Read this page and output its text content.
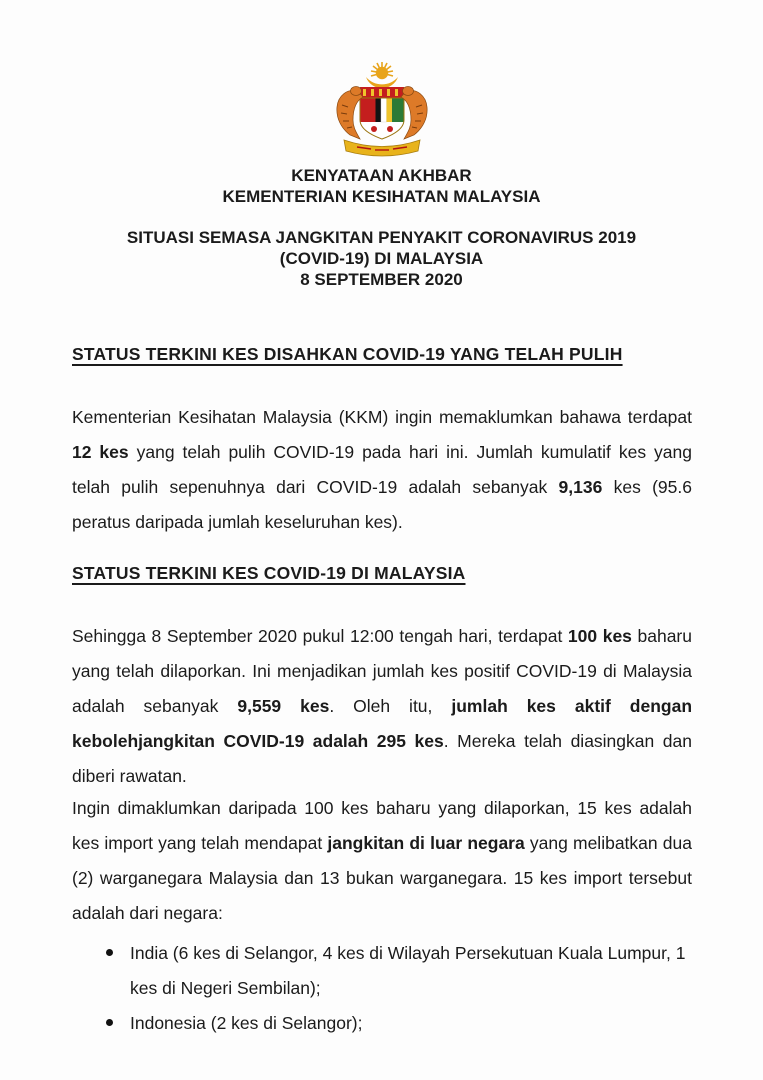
KENYATAAN AKHBAR
KEMENTERIAN KESIHATAN MALAYSIA
SITUASI SEMASA JANGKITAN PENYAKIT CORONAVIRUS 2019
(COVID-19) DI MALAYSIA
8 SEPTEMBER 2020
STATUS TERKINI KES DISAHKAN COVID-19 YANG TELAH PULIH
Kementerian Kesihatan Malaysia (KKM) ingin memaklumkan bahawa terdapat 12 kes yang telah pulih COVID-19 pada hari ini. Jumlah kumulatif kes yang telah pulih sepenuhnya dari COVID-19 adalah sebanyak 9,136 kes (95.6 peratus daripada jumlah keseluruhan kes).
STATUS TERKINI KES COVID-19 DI MALAYSIA
Sehingga 8 September 2020 pukul 12:00 tengah hari, terdapat 100 kes baharu yang telah dilaporkan. Ini menjadikan jumlah kes positif COVID-19 di Malaysia adalah sebanyak 9,559 kes. Oleh itu, jumlah kes aktif dengan kebolehjangkitan COVID-19 adalah 295 kes. Mereka telah diasingkan dan diberi rawatan.
Ingin dimaklumkan daripada 100 kes baharu yang dilaporkan, 15 kes adalah kes import yang telah mendapat jangkitan di luar negara yang melibatkan dua (2) warganegara Malaysia dan 13 bukan warganegara. 15 kes import tersebut adalah dari negara:
India (6 kes di Selangor, 4 kes di Wilayah Persekutuan Kuala Lumpur, 1 kes di Negeri Sembilan);
Indonesia (2 kes di Selangor);
